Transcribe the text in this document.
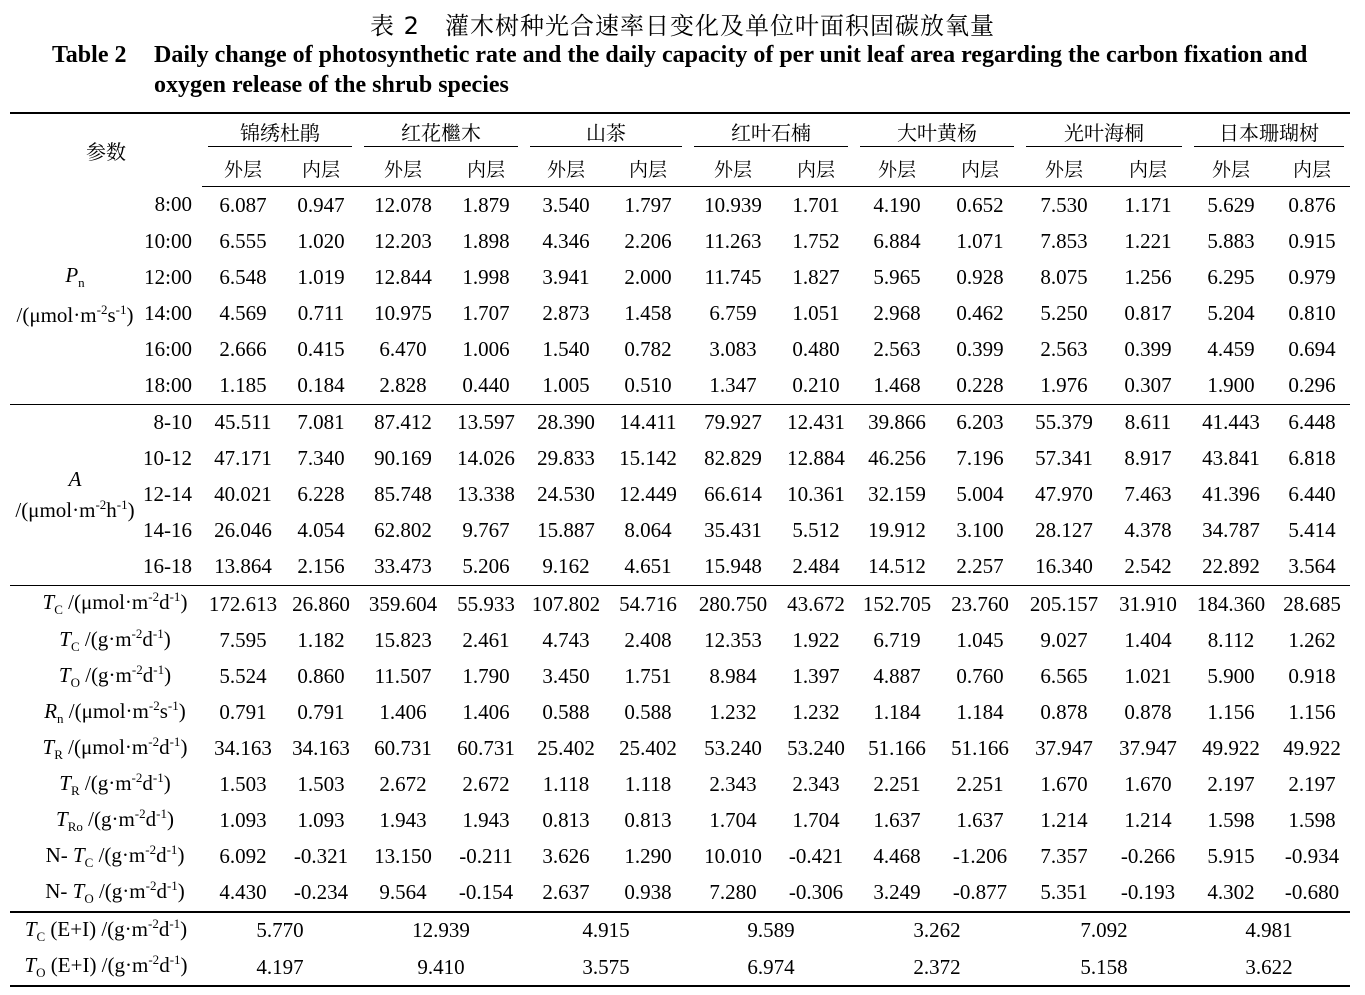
表 2　灌木树种光合速率日变化及单位叶面积固碳放氧量
Table 2	Daily change of photosynthetic rate and the daily capacity of per unit leaf area regarding the carbon fixation and oxygen release of the shrub species
参数		锦绣杜鹃		红花檵木		山茶		红叶石楠		大叶黄杨		光叶海桐		日本珊瑚树	

		外层	内层	外层	内层	外层	内层	外层	内层	外层	内层	外层	内层	外层	内层

$P_n$
$/(\mu mol\cdot m^{-2}s^{-1})$	8:00	6.087	0.947	12.078	1.879	3.540	1.797	10.939	1.701	4.190	0.652	7.530	1.171	5.629	0.876
	10:00	6.555	1.020	12.203	1.898	4.346	2.206	11.263	1.752	6.884	1.071	7.853	1.221	5.883	0.915
	12:00	6.548	1.019	12.844	1.998	3.941	2.000	11.745	1.827	5.965	0.928	8.075	1.256	6.295	0.979
	14:00	4.569	0.711	10.975	1.707	2.873	1.458	6.759	1.051	2.968	0.462	5.250	0.817	5.204	0.810
	16:00	2.666	0.415	6.470	1.006	1.540	0.782	3.083	0.480	2.563	0.399	2.563	0.399	4.459	0.694
	18:00	1.185	0.184	2.828	0.440	1.005	0.510	1.347	0.210	1.468	0.228	1.976	0.307	1.900	0.296

A
$/(\mu mol\cdot m^{-2}h^{-1})$	8-10	45.511	7.081	87.412	13.597	28.390	14.411	79.927	12.431	39.866	6.203	55.379	8.611	41.443	6.448
	10-12	47.171	7.340	90.169	14.026	29.833	15.142	82.829	12.884	46.256	7.196	57.341	8.917	43.841	6.818
	12-14	40.021	6.228	85.748	13.338	24.530	12.449	66.614	10.361	32.159	5.004	47.970	7.463	41.396	6.440
	14-16	26.046	4.054	62.802	9.767	15.887	8.064	35.431	5.512	19.912	3.100	28.127	4.378	34.787	5.414
	16-18	13.864	2.156	33.473	5.206	9.162	4.651	15.948	2.484	14.512	2.257	16.340	2.542	22.892	3.564
$T_C$ $/(\mu mol\cdot m^{-2}d^{-1})$		172.613	26.860	359.604	55.933	107.802	54.716	280.750	43.672	152.705	23.760	205.157	31.910	184.360	28.685
$T_C$ $/(g\cdot m^{-2}d^{-1})$		7.595	1.182	15.823	2.461	4.743	2.408	12.353	1.922	6.719	1.045	9.027	1.404	8.112	1.262
$T_O$ $/(g\cdot m^{-2}d^{-1})$		5.524	0.860	11.507	1.790	3.450	1.751	8.984	1.397	4.887	0.760	6.565	1.021	5.900	0.918
$R_n$ $/(\mu mol\cdot m^{-2}s^{-1})$		0.791	0.791	1.406	1.406	0.588	0.588	1.232	1.232	1.184	1.184	0.878	0.878	1.156	1.156
$T_R$ $/(\mu mol\cdot m^{-2}d^{-1})$		34.163	34.163	60.731	60.731	25.402	25.402	53.240	53.240	51.166	51.166	37.947	37.947	49.922	49.922
$T_R$ $/(g\cdot m^{-2}d^{-1})$		1.503	1.503	2.672	2.672	1.118	1.118	2.343	2.343	2.251	2.251	1.670	1.670	2.197	2.197
$T_{Ro}$ $/(g\cdot m^{-2}d^{-1})$		1.093	1.093	1.943	1.943	0.813	0.813	1.704	1.704	1.637	1.637	1.214	1.214	1.598	1.598
N- $T_C$ $/(g\cdot m^{-2}d^{-1})$		6.092	-0.321	13.150	-0.211	3.626	1.290	10.010	-0.421	4.468	-1.206	7.357	-0.266	5.915	-0.934
N- $T_O$ $/(g\cdot m^{-2}d^{-1})$		4.430	-0.234	9.564	-0.154	2.637	0.938	7.280	-0.306	3.249	-0.877	5.351	-0.193	4.302	-0.680
$T_C$ (E+I) $/(g\cdot m^{-2}d^{-1})$		5.770		12.939		4.915		9.589		3.262		7.092		4.981	
$T_O$ (E+I) $/(g\cdot m^{-2}d^{-1})$		4.197		9.410		3.575		6.974		2.372		5.158		3.622	
